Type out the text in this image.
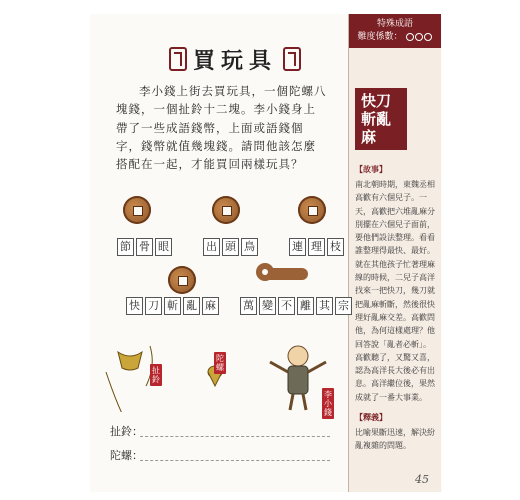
特殊成語
難度係數：
快刀斬亂麻
【故事】
南北朝時期，東魏丞相高歡有六個兒子。一天，高歡把六堆亂麻分別擺在六個兒子面前，要他們設法整理。看看誰整理得最快、最好。就在其他孩子忙著理麻線的時候，二兒子高洋找來一把快刀，幾刀就把亂麻斬斷，然後很快理好亂麻交差。高歡問他，為何這樣處理？他回答說「亂者必斬」。高歡聽了，又驚又喜，認為高洋長大後必有出息。高洋繼位後，果然成就了一番大事業。
【釋義】
比喻果斷迅速，解決紛亂複雜的問題。
45
買玩具
李小錢上街去買玩具，一個陀螺八塊錢，一個扯鈴十二塊。李小錢身上帶了一些成語錢幣，上面或語錢個字，錢幣就值幾塊錢。請問他該怎麼搭配在一起，才能買回兩樣玩具？
節 骨 眼	出 頭 鳥	連 理 枝
快 刀 斬 亂 麻 萬 變 不 離 其 宗
扯鈴
陀螺
李小錢
扯鈴：
陀螺：
